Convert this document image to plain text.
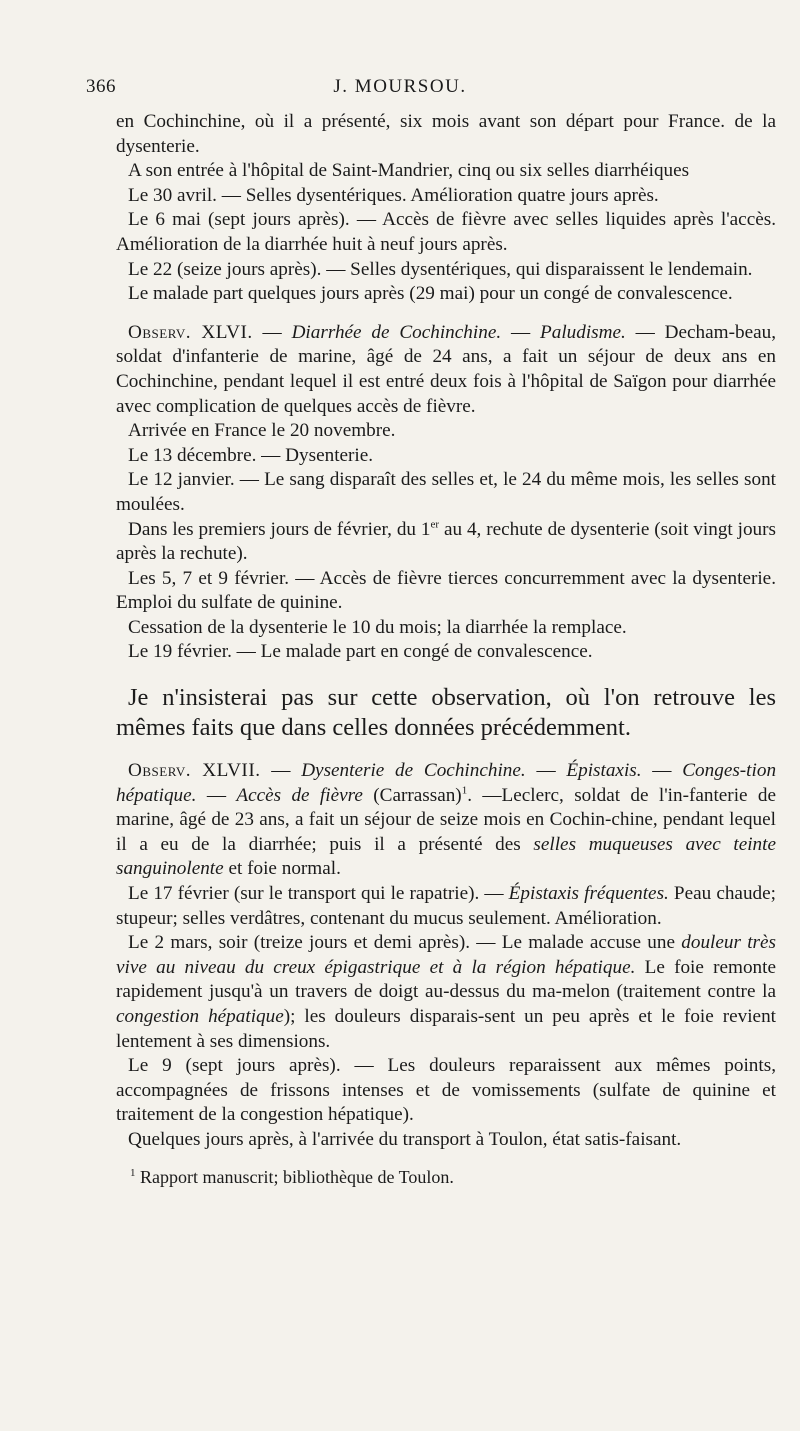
366	J. MOURSOU.

en Cochinchine, où il a présenté, six mois avant son départ pour France. de la dysenterie.

A son entrée à l'hôpital de Saint-Mandrier, cinq ou six selles diarrhéiques

Le 30 avril. — Selles dysentériques. Amélioration quatre jours après.

Le 6 mai (sept jours après). — Accès de fièvre avec selles liquides après l'accès. Amélioration de la diarrhée huit à neuf jours après.

Le 22 (seize jours après). — Selles dysentériques, qui disparaissent le lendemain.

Le malade part quelques jours après (29 mai) pour un congé de convalescence.

Observ. XLVI. — Diarrhée de Cochinchine. — Paludisme. — Decham-beau, soldat d'infanterie de marine, âgé de 24 ans, a fait un séjour de deux ans en Cochinchine, pendant lequel il est entré deux fois à l'hôpital de Saïgon pour diarrhée avec complication de quelques accès de fièvre.

Arrivée en France le 20 novembre.

Le 13 décembre. — Dysenterie.

Le 12 janvier. — Le sang disparaît des selles et, le 24 du même mois, les selles sont moulées.

Dans les premiers jours de février, du 1er au 4, rechute de dysenterie (soit vingt jours après la rechute).

Les 5, 7 et 9 février. — Accès de fièvre tierces concurremment avec la dysenterie. Emploi du sulfate de quinine.

Cessation de la dysenterie le 10 du mois; la diarrhée la remplace.

Le 19 février. — Le malade part en congé de convalescence.

Je n'insisterai pas sur cette observation, où l'on retrouve les mêmes faits que dans celles données précédemment.

Observ. XLVII. — Dysenterie de Cochinchine. — Épistaxis. — Conges-tion hépatique. — Accès de fièvre (Carrassan)$^1$. —Leclerc, soldat de l'in-fanterie de marine, âgé de 23 ans, a fait un séjour de seize mois en Cochin-chine, pendant lequel il a eu de la diarrhée; puis il a présenté des selles muqueuses avec teinte sanguinolente et foie normal.

Le 17 février (sur le transport qui le rapatrie). — Épistaxis fréquentes. Peau chaude; stupeur; selles verdâtres, contenant du mucus seulement. Amélioration.

Le 2 mars, soir (treize jours et demi après). — Le malade accuse une douleur très vive au niveau du creux épigastrique et à la région hépatique. Le foie remonte rapidement jusqu'à un travers de doigt au-dessus du ma-melon (traitement contre la congestion hépatique); les douleurs disparais-sent un peu après et le foie revient lentement à ses dimensions.

Le 9 (sept jours après). — Les douleurs reparaissent aux mêmes points, accompagnées de frissons intenses et de vomissements (sulfate de quinine et traitement de la congestion hépatique).

Quelques jours après, à l'arrivée du transport à Toulon, état satis-faisant.

$^1$ Rapport manuscrit; bibliothèque de Toulon.
